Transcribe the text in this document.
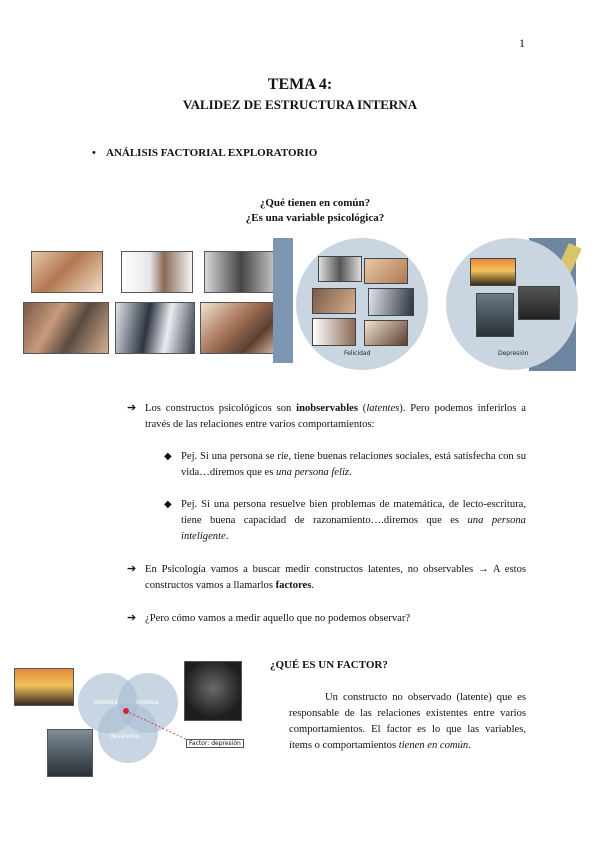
1
TEMA 4:
VALIDEZ DE ESTRUCTURA INTERNA
• ANÁLISIS FACTORIAL EXPLORATORIO
¿Qué tienen en común?
¿Es una variable psicológica?
Felicidad	Depresión
➔ Los constructos psicológicos son inobservables (latentes). Pero podemos inferirlos a través de las relaciones entre varios comportamientos:
◆ Pej. Si una persona se ríe, tiene buenas relaciones sociales, está satisfecha con su vida…diremos que es una persona feliz.
◆ Pej. Si una persona resuelve bien problemas de matemática, de lecto-escritura, tiene buena capacidad de razonamiento….diremos que es una persona inteligente.
➔ En Psicología vamos a buscar medir constructos latentes, no observables → A estos constructos vamos a llamarlos factores.
➔ ¿Pero cómo vamos a medir aquello que no podemos observar?
soledad	tristeza
desánimo
Factor: depresión
¿QUÉ ES UN FACTOR?
Un constructo no observado (latente) que es responsable de las relaciones existentes entre varios comportamientos. El factor es lo que las variables, ítems o comportamientos tienen en común.
